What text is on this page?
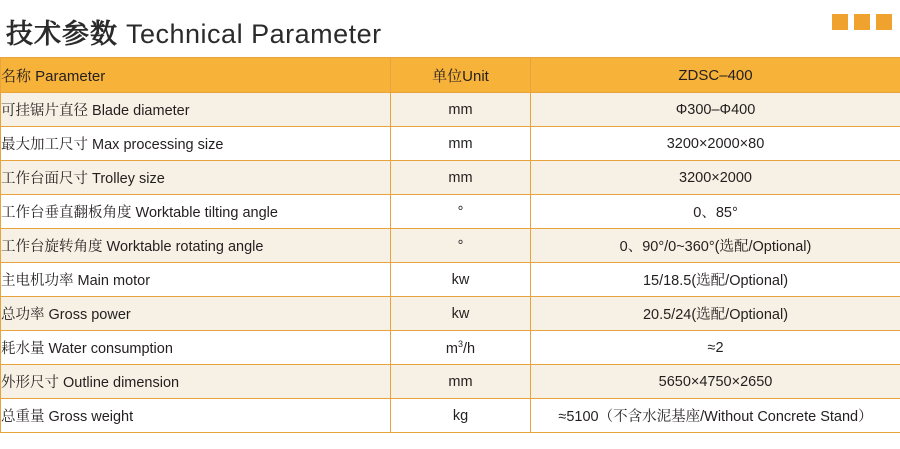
技术参数 Technical Parameter
名称 Parameter	单位Unit	ZDSC–400
可挂锯片直径 Blade diameter	mm	Φ300–Φ400
最大加工尺寸 Max processing size	mm	3200×2000×80
工作台面尺寸 Trolley size	mm	3200×2000
工作台垂直翻板角度 Worktable tilting angle	°	0、85°
工作台旋转角度 Worktable rotating angle	°	0、90°/0~360°(选配/Optional)
主电机功率 Main motor	kw	15/18.5(选配/Optional)
总功率 Gross power	kw	20.5/24(选配/Optional)
耗水量 Water consumption	$m^3/h$	≈2
外形尺寸 Outline dimension	mm	5650×4750×2650
总重量 Gross weight	kg	≈5100（不含水泥基座/Without Concrete Stand）
